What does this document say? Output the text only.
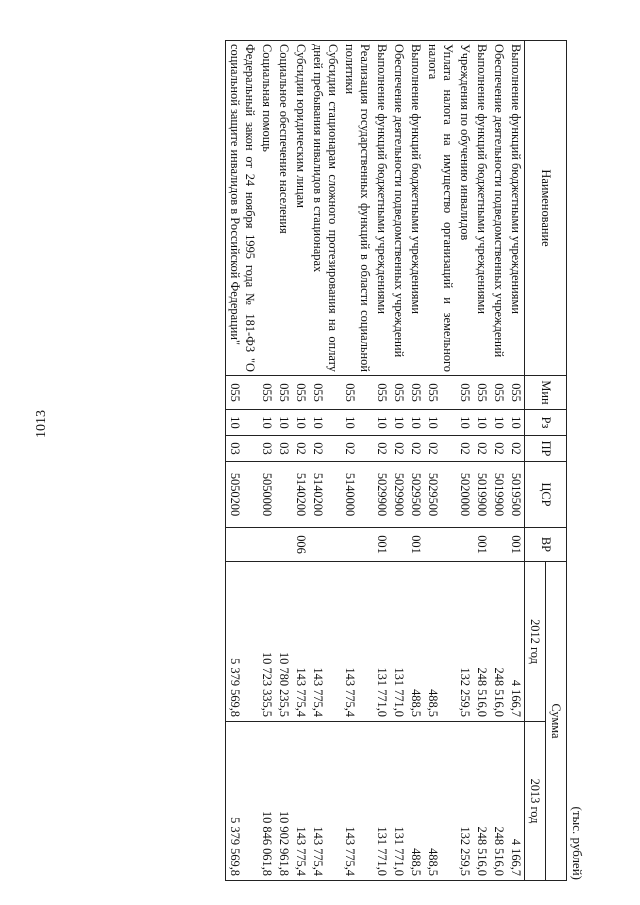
1013
(тыс. рублей)
Наименование	Мин	Рз	ПР	ЦСР	ВР	Сумма	
						2012 год	2013 год
Выполнение функций бюджетными учреждениями	055	10	02	5019500	001	4 166,7	4 166,7
Обеспечение деятельности подведомственных учреждений	055	10	02	5019900		248 516,0	248 516,0
Выполнение функций бюджетными учреждениями	055	10	02	5019900	001	248 516,0	248 516,0
Учреждения по обучению инвалидов	055	10	02	5020000		132 259,5	132 259,5
Уплата налога на имущество организаций и земельного налога	055	10	02	5029500		488,5	488,5
Выполнение функций бюджетными учреждениями	055	10	02	5029500	001	488,5	488,5
Обеспечение деятельности подведомственных учреждений	055	10	02	5029900		131 771,0	131 771,0
Выполнение функций бюджетными учреждениями	055	10	02	5029900	001	131 771,0	131 771,0
Реализация государственных функций в области социальной политики	055	10	02	5140000		143 775,4	143 775,4
Субсидии стационарам сложного протезирования на оплату дней пребывания инвалидов в стационарах	055	10	02	5140200		143 775,4	143 775,4
Субсидии юридическим лицам	055	10	02	5140200	006	143 775,4	143 775,4
Социальное обеспечение населения	055	10	03			10 780 235,5	10 902 961,8
Социальная помощь	055	10	03	5050000		10 723 335,5	10 846 061,8
Федеральный закон от 24 ноября 1995 года № 181-ФЗ "О социальной защите инвалидов в Российской Федерации"	055	10	03	5050200		5 379 569,8	5 379 569,8
